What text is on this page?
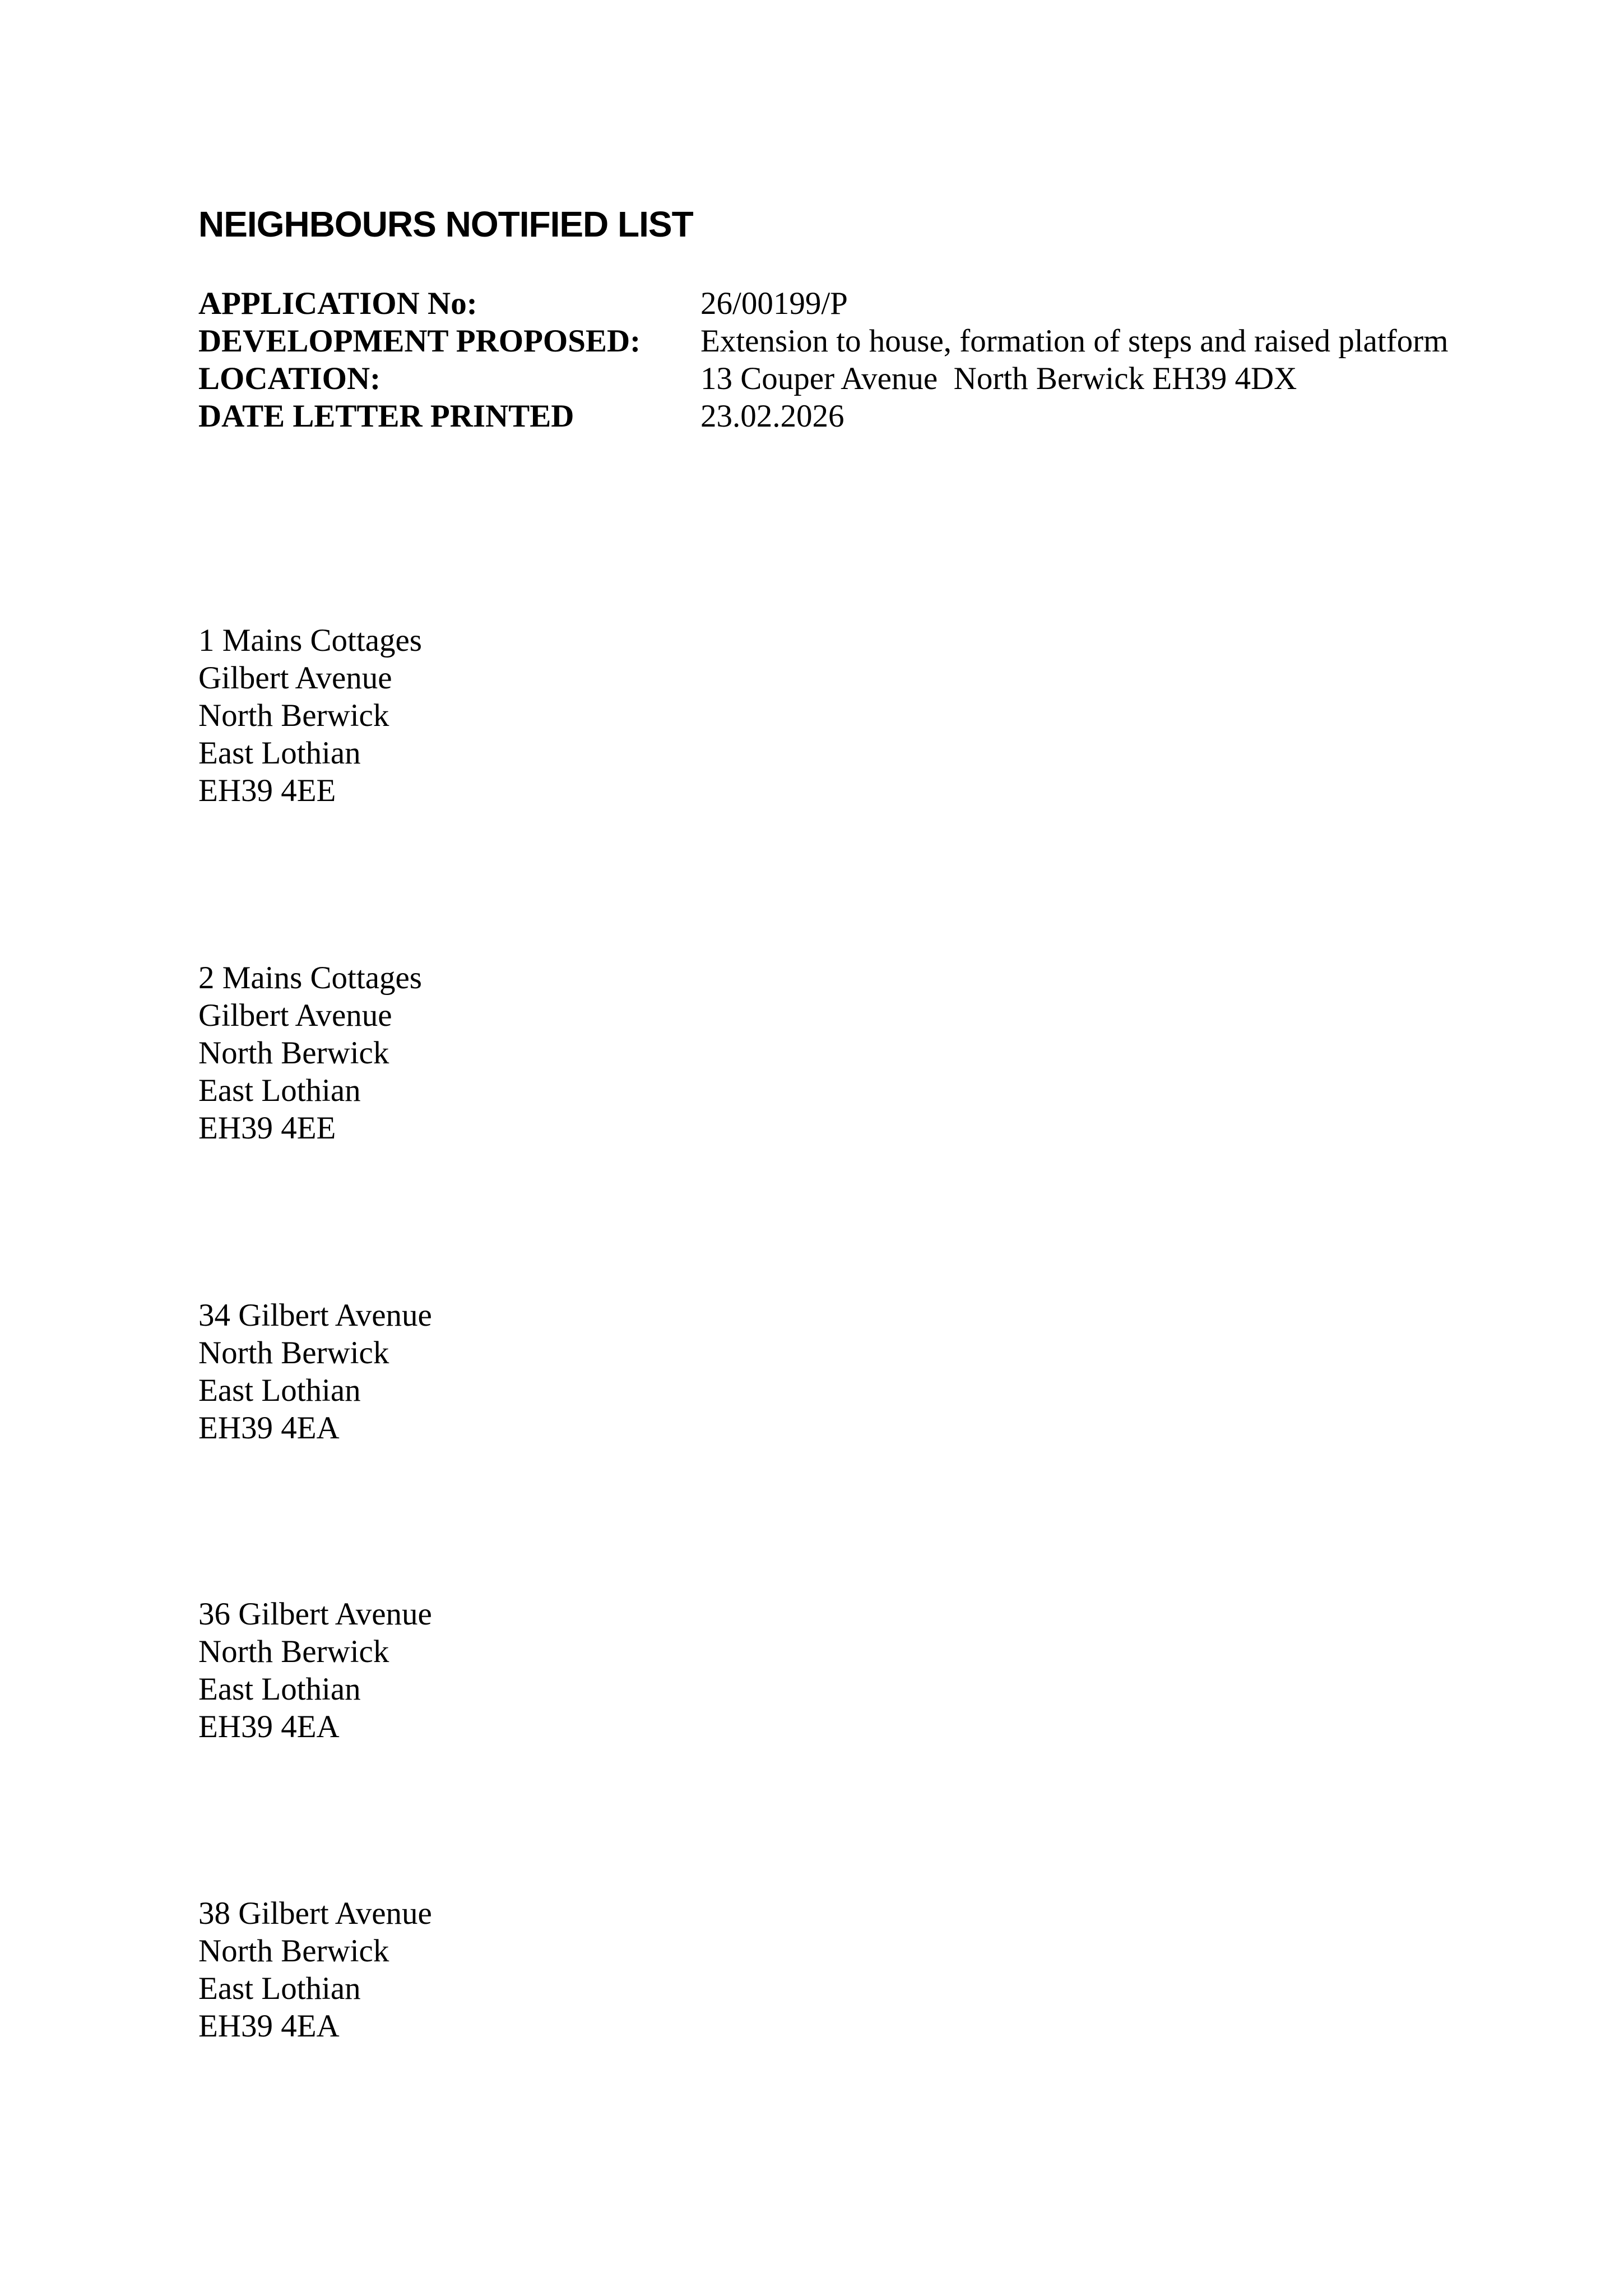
NEIGHBOURS NOTIFIED LIST
APPLICATION No:	26/00199/P
DEVELOPMENT PROPOSED:	Extension to house, formation of steps and raised platform
LOCATION:	13 Couper Avenue  North Berwick EH39 4DX
DATE LETTER PRINTED	23.02.2026
1 Mains Cottages
Gilbert Avenue
North Berwick
East Lothian
EH39 4EE
2 Mains Cottages
Gilbert Avenue
North Berwick
East Lothian
EH39 4EE
34 Gilbert Avenue
North Berwick
East Lothian
EH39 4EA
36 Gilbert Avenue
North Berwick
East Lothian
EH39 4EA
38 Gilbert Avenue
North Berwick
East Lothian
EH39 4EA
